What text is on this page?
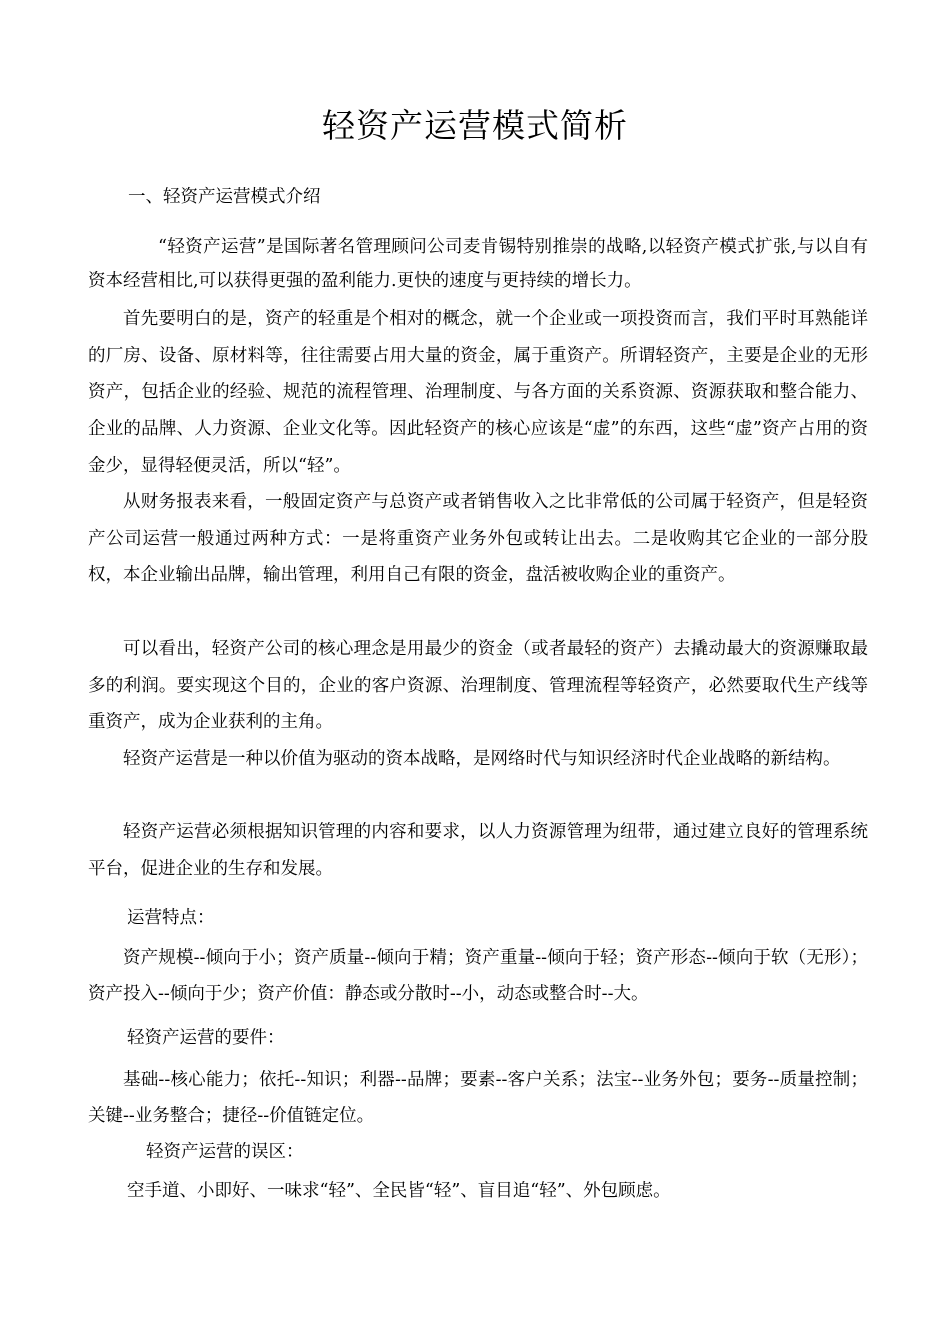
轻资产运营模式简析

一、轻资产运营模式介绍

“轻资产运营”是国际著名管理顾问公司麦肯锡特别推崇的战略,以轻资产模式扩张,与以自有资本经营相比,可以获得更强的盈利能力.更快的速度与更持续的增长力。

首先要明白的是，资产的轻重是个相对的概念，就一个企业或一项投资而言，我们平时耳熟能详的厂房、设备、原材料等，往往需要占用大量的资金，属于重资产。所谓轻资产，主要是企业的无形资产，包括企业的经验、规范的流程管理、治理制度、与各方面的关系资源、资源获取和整合能力、企业的品牌、人力资源、企业文化等。因此轻资产的核心应该是“虚”的东西，这些“虚”资产占用的资金少，显得轻便灵活，所以“轻”。

从财务报表来看，一般固定资产与总资产或者销售收入之比非常低的公司属于轻资产，但是轻资产公司运营一般通过两种方式：一是将重资产业务外包或转让出去。二是收购其它企业的一部分股权，本企业输出品牌，输出管理，利用自己有限的资金，盘活被收购企业的重资产。

可以看出，轻资产公司的核心理念是用最少的资金（或者最轻的资产）去撬动最大的资源赚取最多的利润。要实现这个目的，企业的客户资源、治理制度、管理流程等轻资产，必然要取代生产线等重资产，成为企业获利的主角。

轻资产运营是一种以价值为驱动的资本战略，是网络时代与知识经济时代企业战略的新结构。

轻资产运营必须根据知识管理的内容和要求，以人力资源管理为纽带，通过建立良好的管理系统平台，促进企业的生存和发展。

运营特点：

资产规模--倾向于小；资产质量--倾向于精；资产重量--倾向于轻；资产形态--倾向于软（无形）；资产投入--倾向于少；资产价值：静态或分散时--小，动态或整合时--大。

轻资产运营的要件：

基础--核心能力；依托--知识；利器--品牌；要素--客户关系；法宝--业务外包；要务--质量控制；关键--业务整合；捷径--价值链定位。

轻资产运营的误区：

空手道、小即好、一味求“轻”、全民皆“轻”、盲目追“轻”、外包顾虑。
